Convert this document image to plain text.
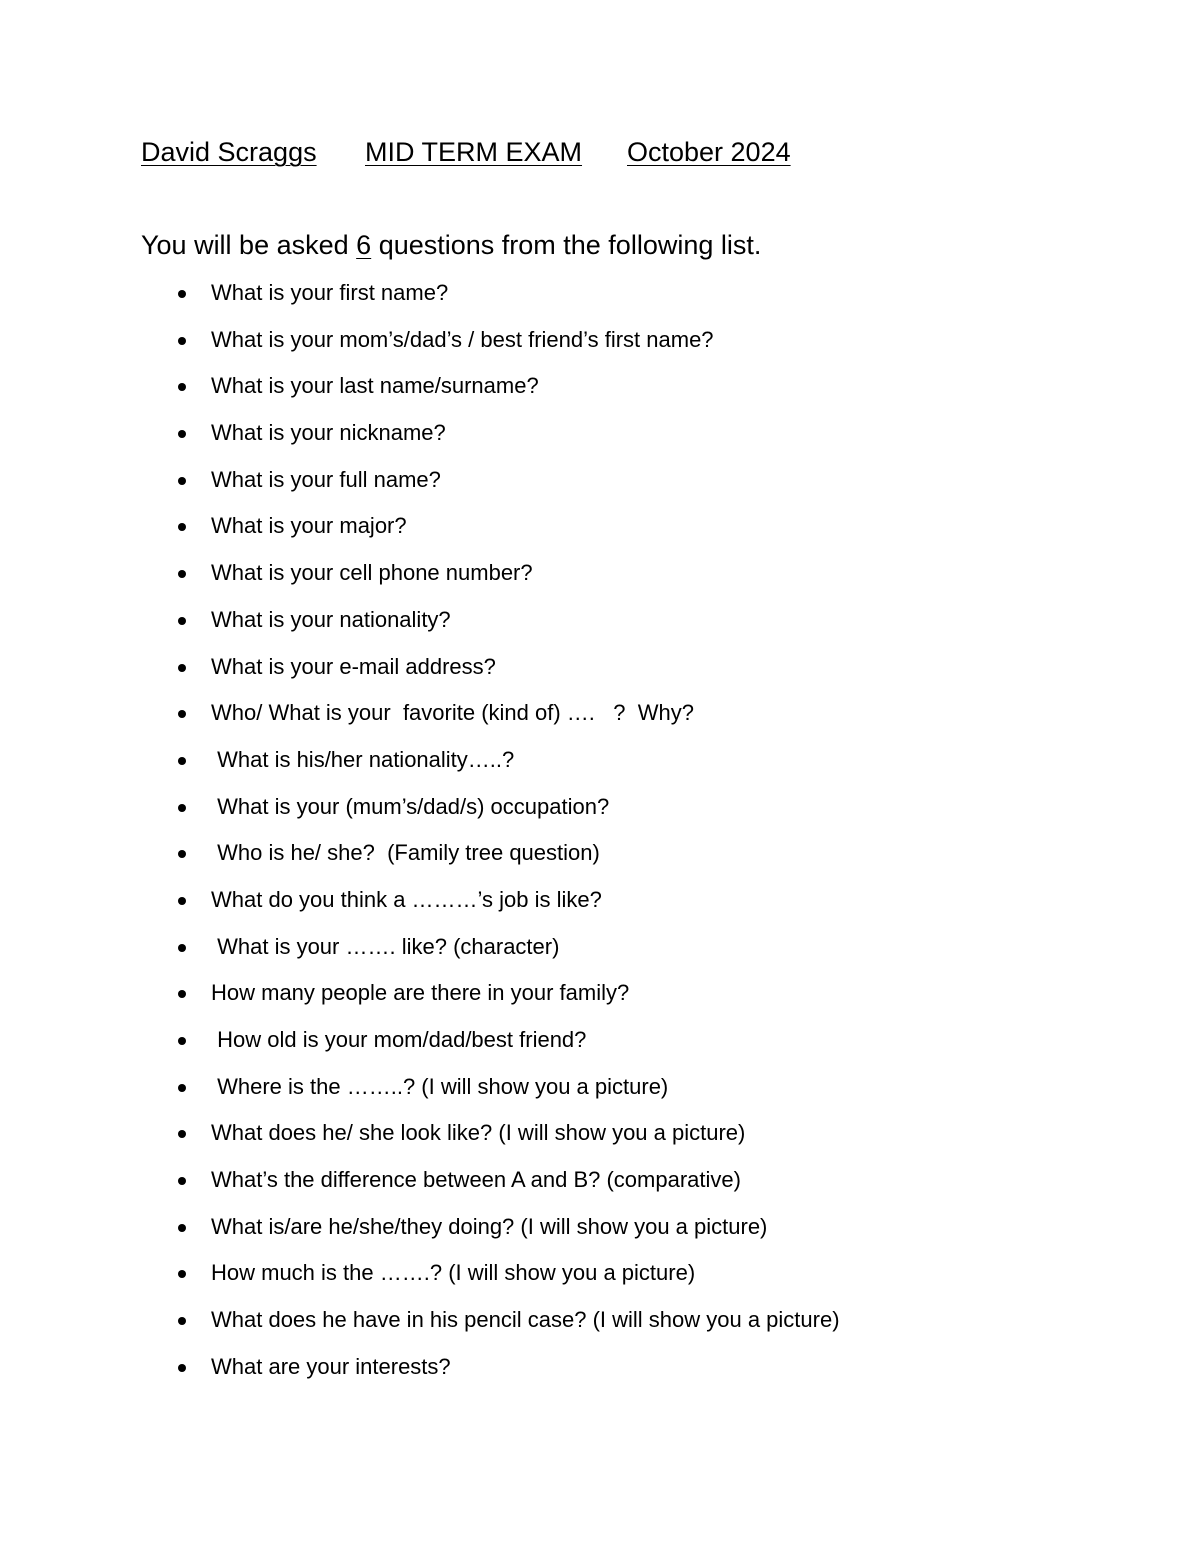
David Scraggs MID TERM EXAM October 2024
You will be asked 6 questions from the following list.
What is your first name?
What is your mom’s/dad’s / best friend’s first name?
What is your last name/surname?
What is your nickname?
What is your full name?
What is your major?
What is your cell phone number?
What is your nationality?
What is your e-mail address?
Who/ What is your  favorite (kind of) ….   ?  Why?
What is his/her nationality…..?
What is your (mum’s/dad/s) occupation?
Who is he/ she?  (Family tree question)
What do you think a ………’s job is like?
What is your ……. like? (character)
How many people are there in your family?
How old is your mom/dad/best friend?
Where is the ……..? (I will show you a picture)
What does he/ she look like? (I will show you a picture)
What’s the difference between A and B? (comparative)
What is/are he/she/they doing? (I will show you a picture)
How much is the …….? (I will show you a picture)
What does he have in his pencil case? (I will show you a picture)
What are your interests?
